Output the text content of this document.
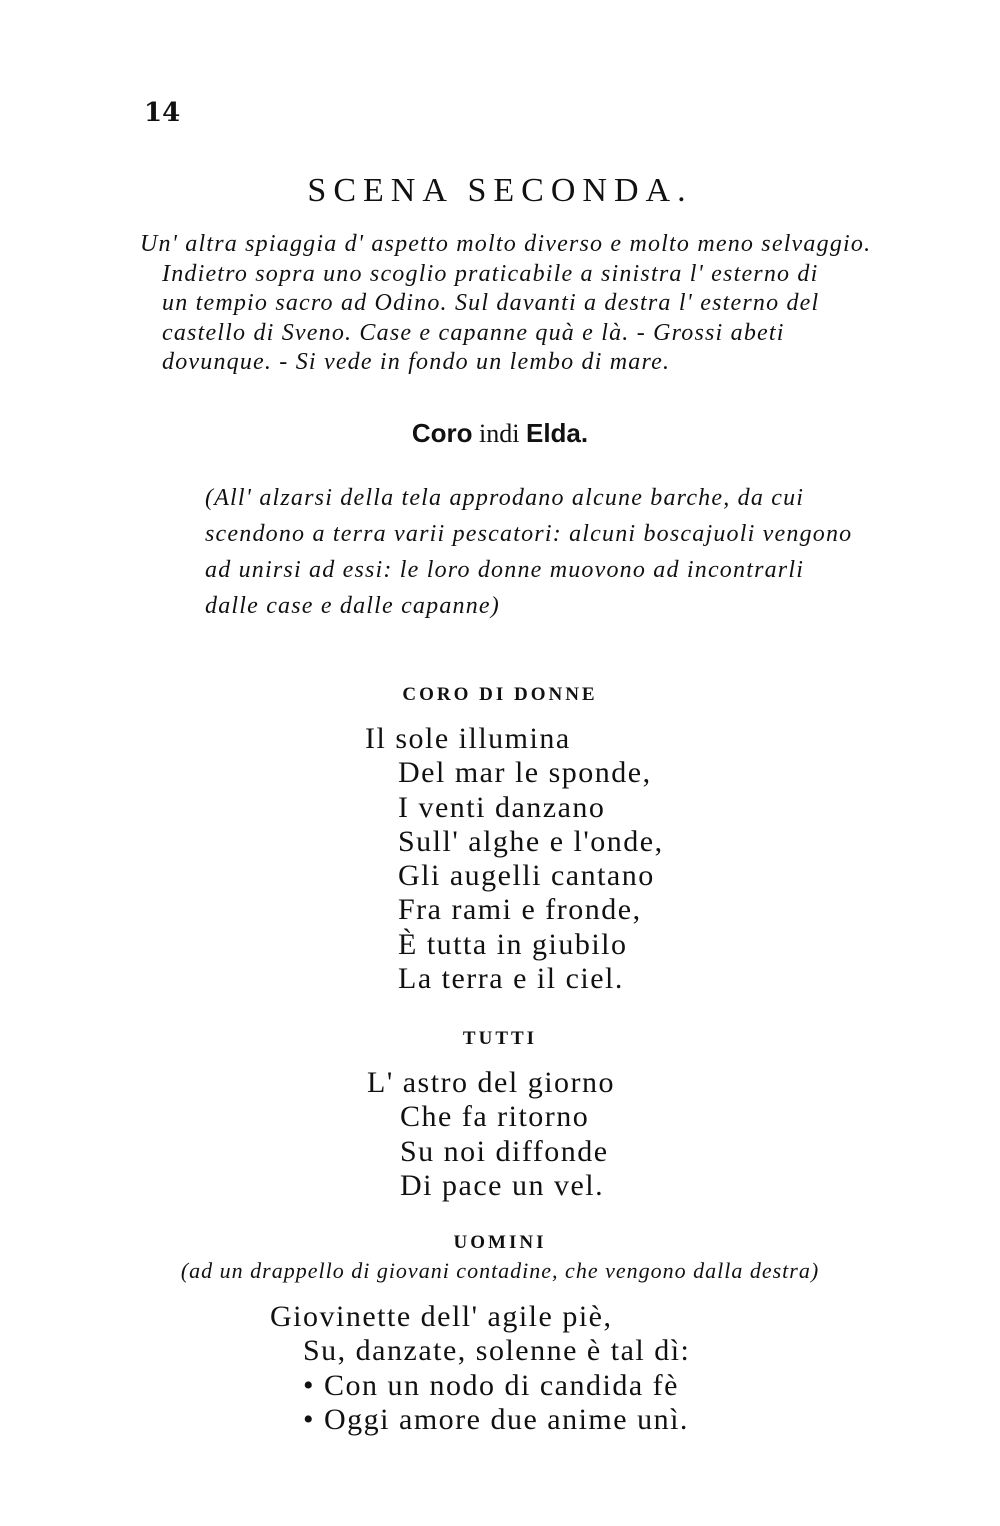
14
SCENA SECONDA.
Un' altra spiaggia d' aspetto molto diverso e molto meno selvaggio.
Indietro sopra uno scoglio praticabile a sinistra l' esterno di
un tempio sacro ad Odino. Sul davanti a destra l' esterno del
castello di Sveno. Case e capanne quà e là. - Grossi abeti
dovunque. - Si vede in fondo un lembo di mare.
Coro indi Elda.
(All' alzarsi della tela approdano alcune barche, da cui
scendono a terra varii pescatori: alcuni boscajuoli vengono
ad unirsi ad essi: le loro donne muovono ad incontrarli
dalle case e dalle capanne)
CORO DI DONNE
Il sole illumina
Del mar le sponde,
I venti danzano
Sull' alghe e l'onde,
Gli augelli cantano
Fra rami e fronde,
È tutta in giubilo
La terra e il ciel.
TUTTI
L' astro del giorno
Che fa ritorno
Su noi diffonde
Di pace un vel.
UOMINI
(ad un drappello di giovani contadine, che vengono dalla destra)
Giovinette dell' agile piè,
Su, danzate, solenne è tal dì:
• Con un nodo di candida fè
• Oggi amore due anime unì.
